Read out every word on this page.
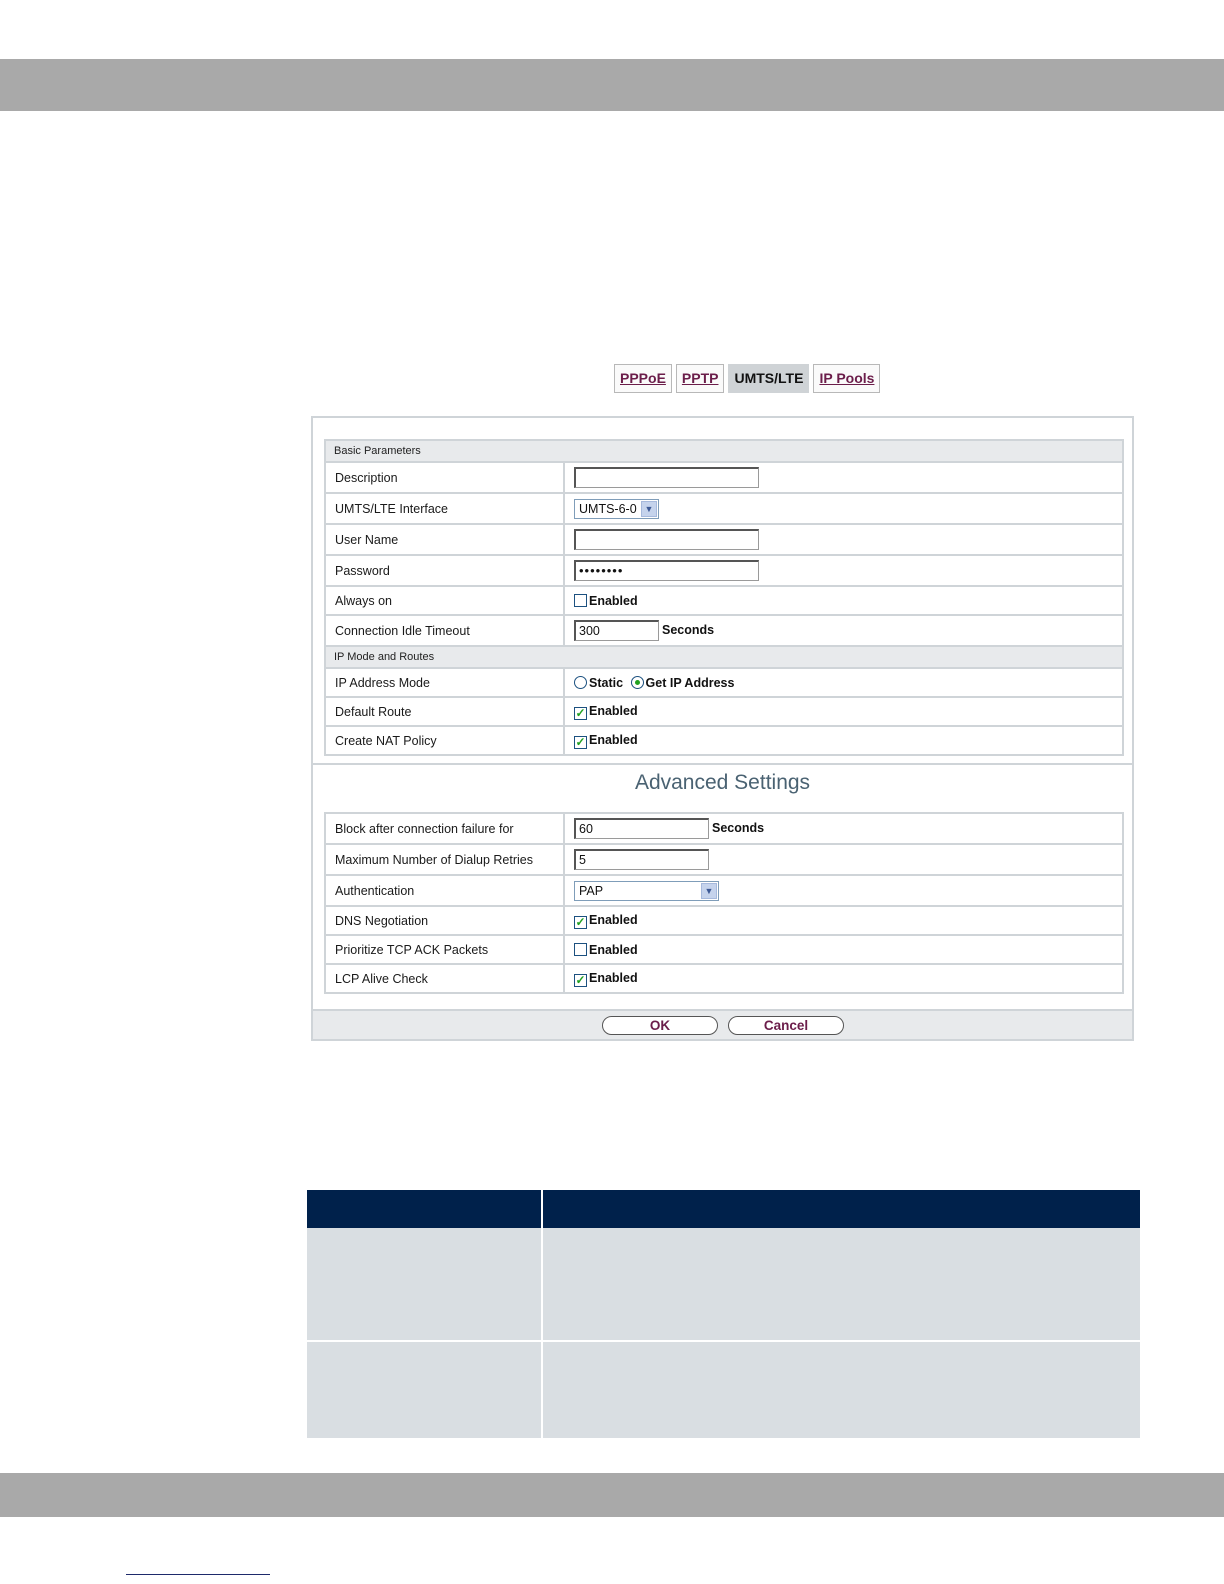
PPPoE	PPTP	UMTS/LTE	IP Pools
Basic Parameters	
Description	
UMTS/LTE Interface	UMTS-6-0 ▼

User Name	
Password	••••••••
Always on	Enabled
Connection Idle Timeout	300 Seconds
IP Mode and Routes	
IP Address Mode	Static Get IP Address
Default Route	✓ Enabled
Create NAT Policy	✓ Enabled
Advanced Settings
Block after connection failure for	60 Seconds
Maximum Number of Dialup Retries	5
Authentication	PAP ▼

DNS Negotiation	✓ Enabled
Prioritize TCP ACK Packets	Enabled
LCP Alive Check	✓ Enabled
OK	Cancel
